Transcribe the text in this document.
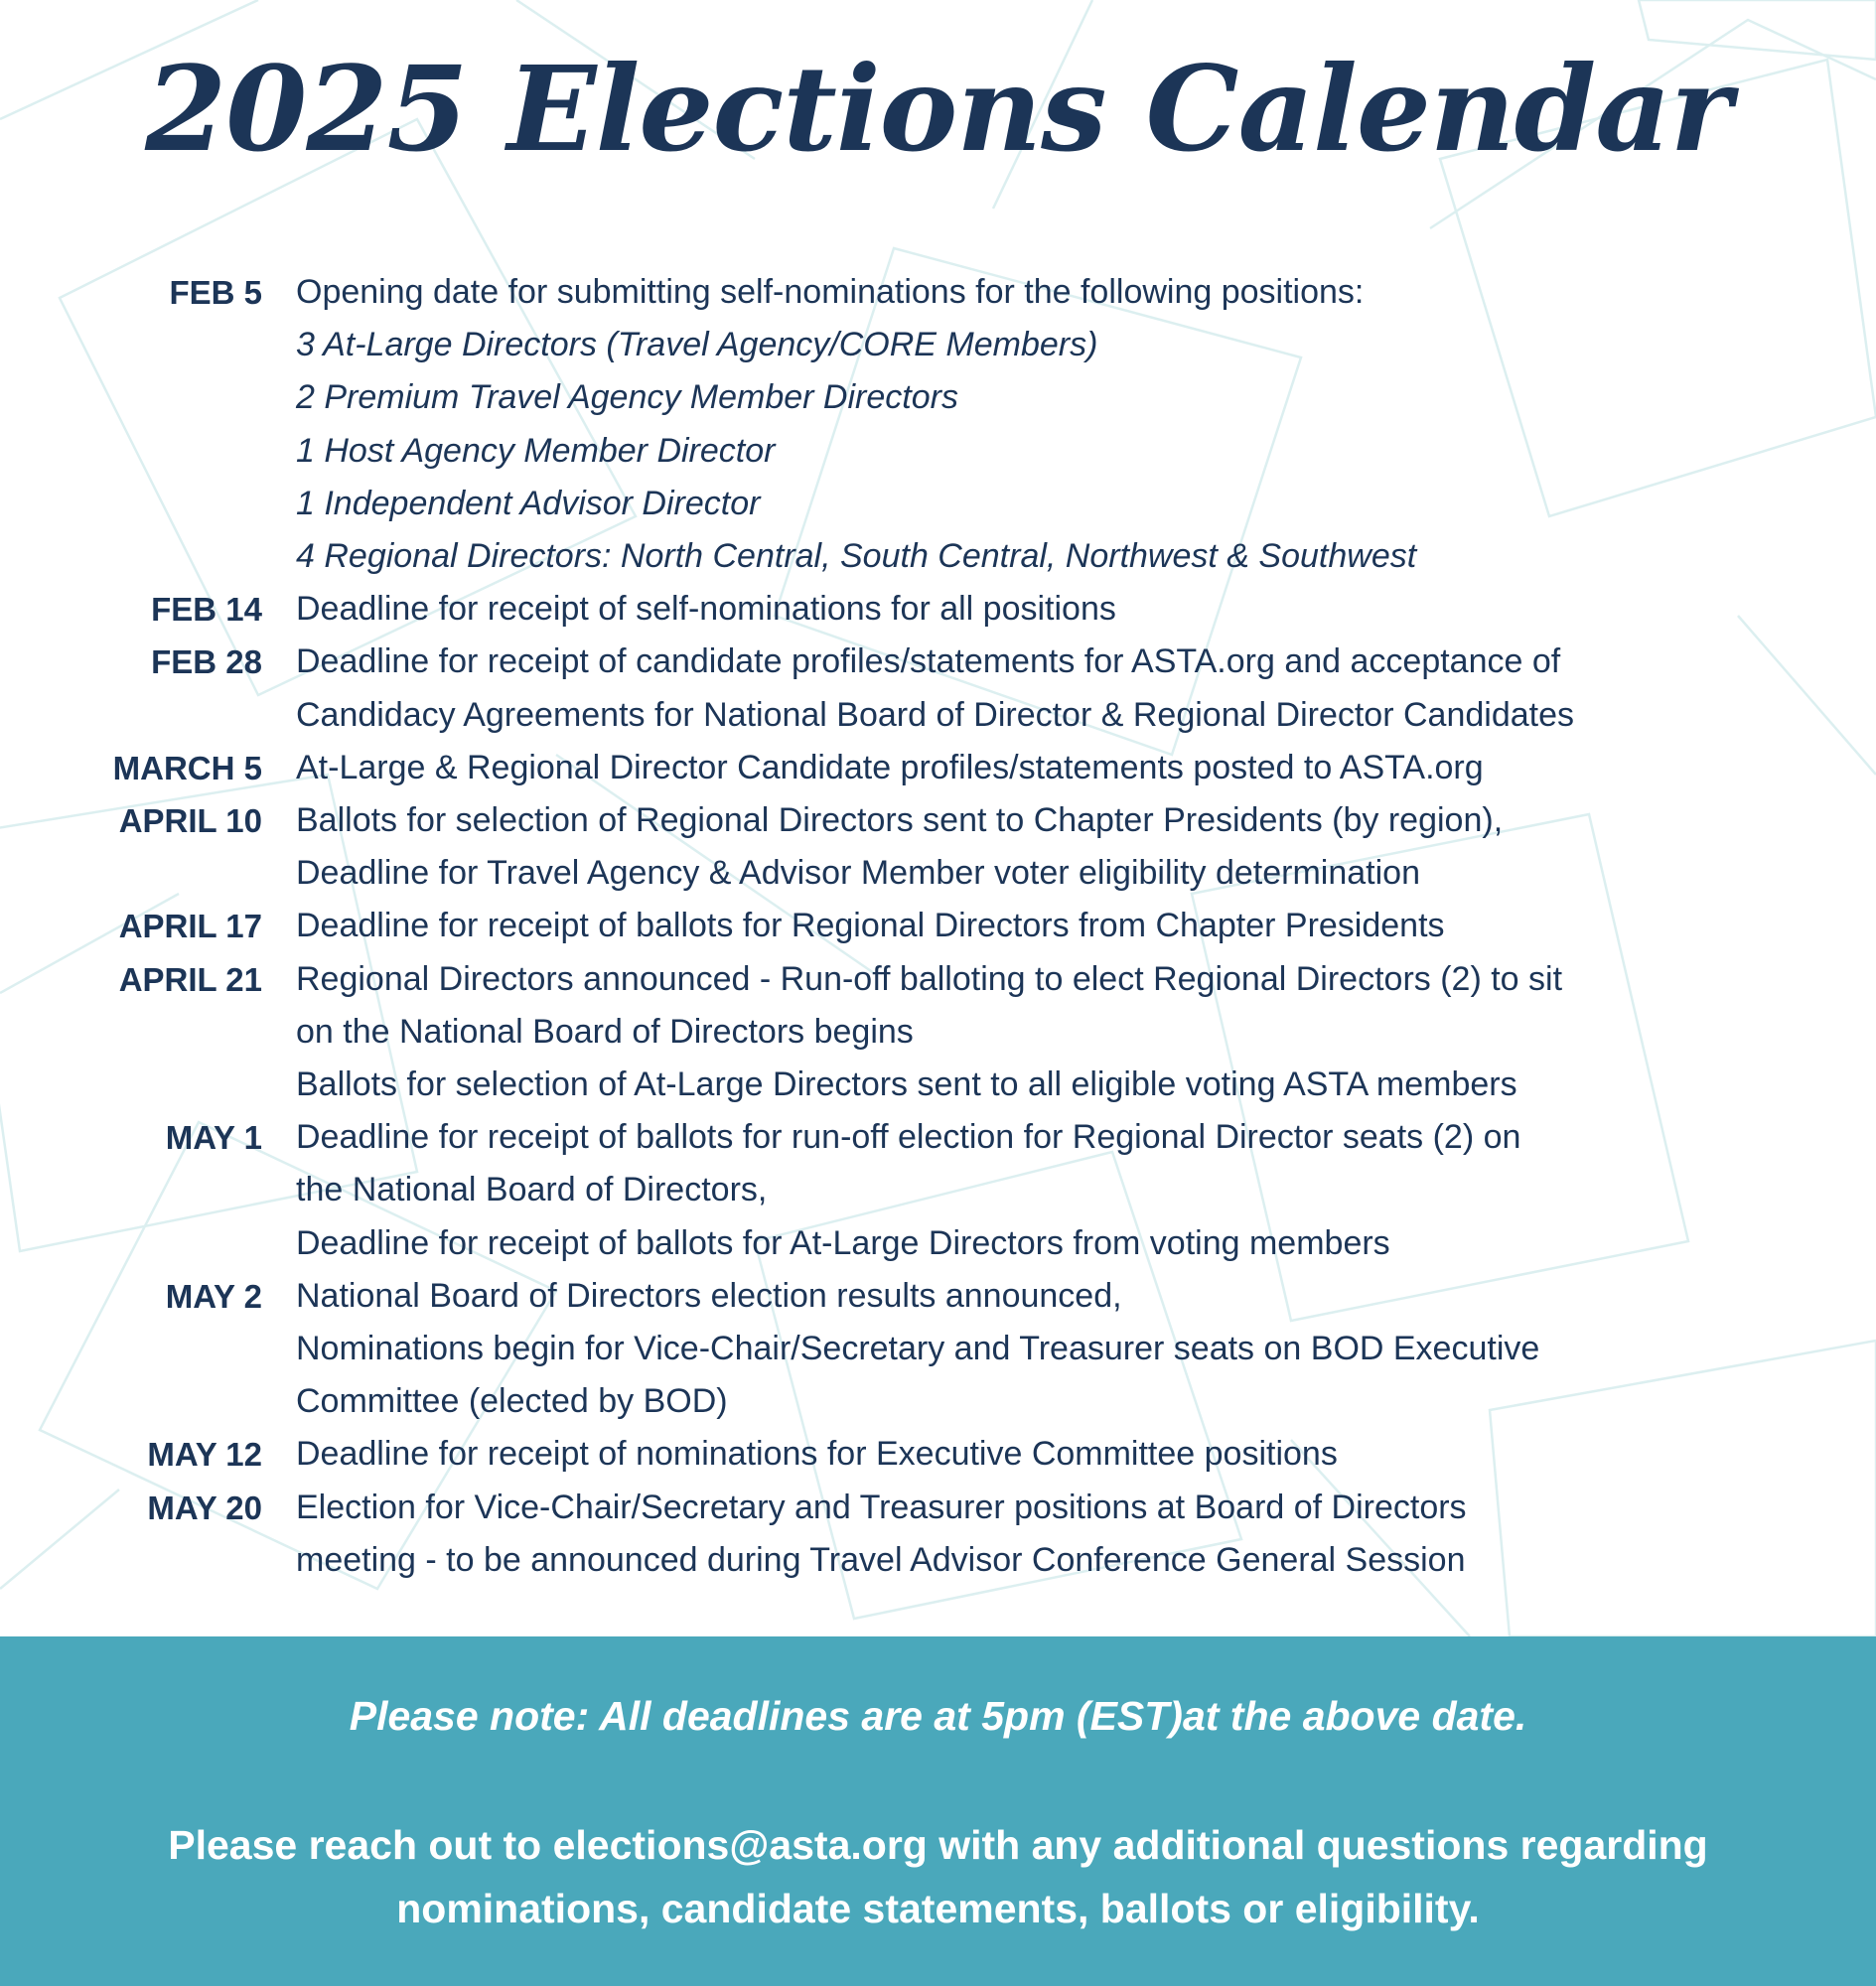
2025 Elections Calendar
FEB 5 Opening date for submitting self-nominations for the following positions:
3 At-Large Directors (Travel Agency/CORE Members)
2 Premium Travel Agency Member Directors
1 Host Agency Member Director
1 Independent Advisor Director
4 Regional Directors: North Central, South Central, Northwest & Southwest
FEB 14 Deadline for receipt of self-nominations for all positions
FEB 28 Deadline for receipt of candidate profiles/statements for ASTA.org and acceptance of
Candidacy Agreements for National Board of Director & Regional Director Candidates
MARCH 5 At-Large & Regional Director Candidate profiles/statements posted to ASTA.org
APRIL 10 Ballots for selection of Regional Directors sent to Chapter Presidents (by region),
Deadline for Travel Agency & Advisor Member voter eligibility determination
APRIL 17 Deadline for receipt of ballots for Regional Directors from Chapter Presidents
APRIL 21 Regional Directors announced - Run-off balloting to elect Regional Directors (2) to sit
on the National Board of Directors begins
Ballots for selection of At-Large Directors sent to all eligible voting ASTA members
MAY 1 Deadline for receipt of ballots for run-off election for Regional Director seats (2) on
the National Board of Directors,
Deadline for receipt of ballots for At-Large Directors from voting members
MAY 2 National Board of Directors election results announced,
Nominations begin for Vice-Chair/Secretary and Treasurer seats on BOD Executive
Committee (elected by BOD)
MAY 12 Deadline for receipt of nominations for Executive Committee positions
MAY 20 Election for Vice-Chair/Secretary and Treasurer positions at Board of Directors
meeting - to be announced during Travel Advisor Conference General Session

Please note: All deadlines are at 5pm (EST)at the above date.

Please reach out to elections@asta.org with any additional questions regarding
nominations, candidate statements, ballots or eligibility.
